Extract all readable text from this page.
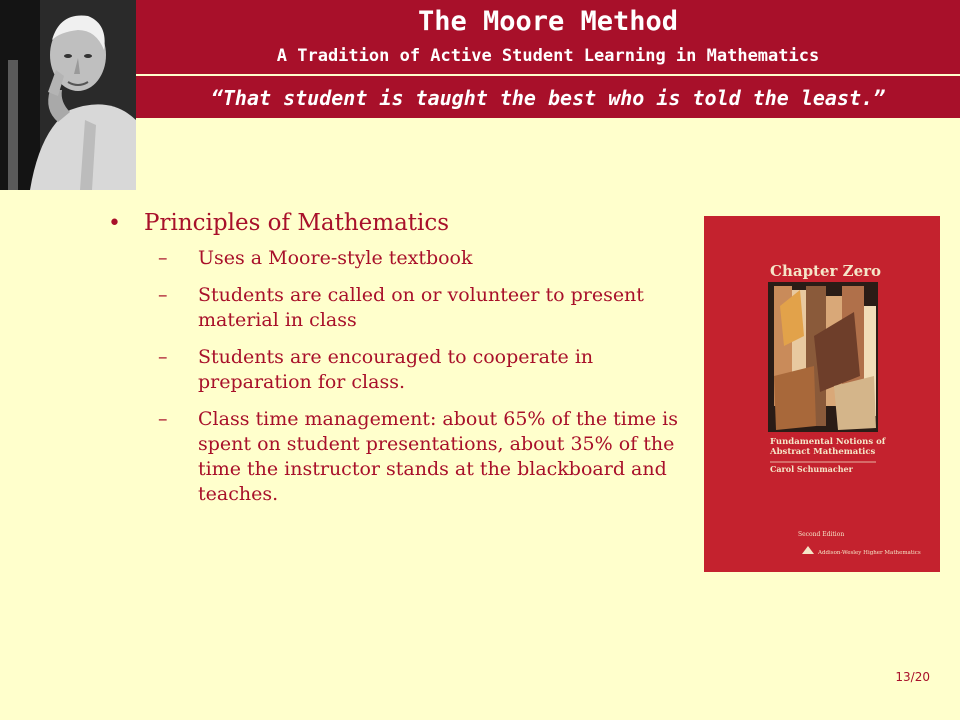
The Moore Method
A Tradition of Active Student Learning in Mathematics
“That student is taught the best who is told the least.”
•	Principles of Mathematics
–	Uses a Moore-style textbook
–	Students are called on or volunteer to present material in class
–	Students are encouraged to cooperate in preparation for class.
–	Class time management: about 65% of the time is spent on student presentations, about 35% of the time the instructor stands at the blackboard and teaches.
Chapter Zero
Fundamental Notions of Abstract Mathematics
Carol Schumacher
Second Edition
Addison-Wesley Higher Mathematics
13/20
